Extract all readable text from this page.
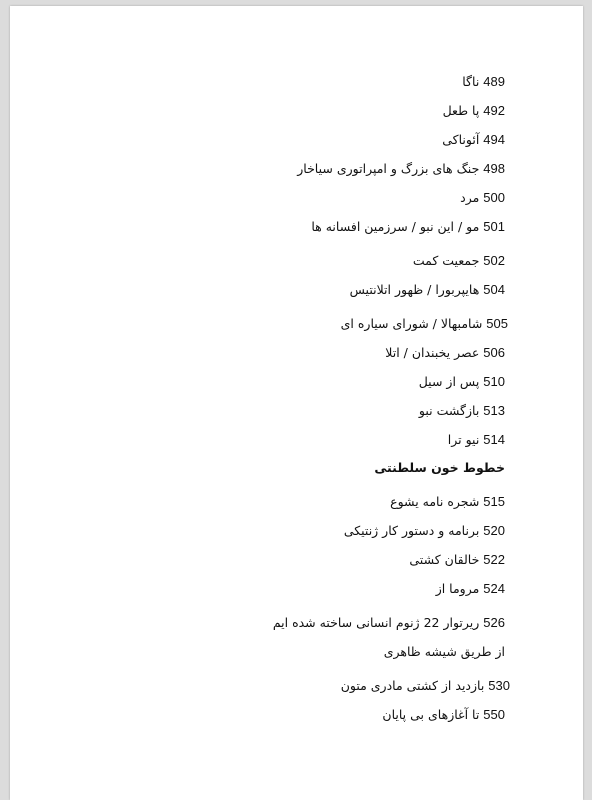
489 ناگا
492 پا طعل
494 آئوناکی
498 جنگ های بزرگ و امپراتوری سیاخار
500 مرد
501 مو / این نبو / سرزمین افسانه ها
502 جمعیت کمت
504 هایپربورا / ظهور اتلانتیس
505 شامبهالا / شورای سیاره ای
506 عصر یخبندان / اتلا
510 پس از سیل
513 بازگشت نبو
514 نیو ترا
خطوط خون سلطنتی
515 شجره نامه یشوع
520 برنامه و دستور کار ژنتیکی
522 خالقان کشتی
524 مروما از
526 ریرتوار 22 ژنوم انسانی ساخته شده ایم
از طریق شیشه ظاهری
530 بازدید از کشتی مادری متون
550 تا آغازهای بی پایان
